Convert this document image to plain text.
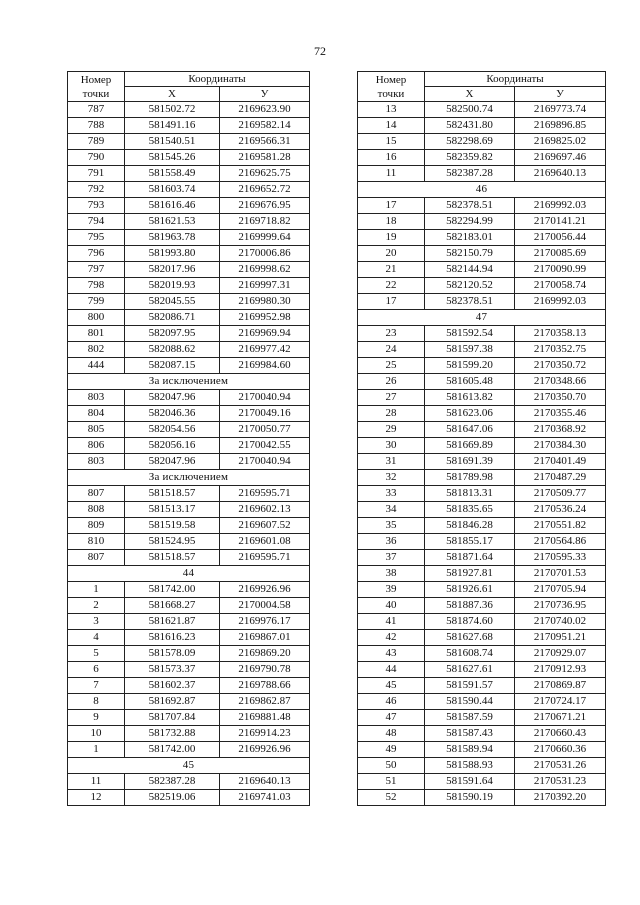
72
Номер
точки	Координаты	
	X	У
787	581502.72	2169623.90
788	581491.16	2169582.14
789	581540.51	2169566.31
790	581545.26	2169581.28
791	581558.49	2169625.75
792	581603.74	2169652.72
793	581616.46	2169676.95
794	581621.53	2169718.82
795	581963.78	2169999.64
796	581993.80	2170006.86
797	582017.96	2169998.62
798	582019.93	2169997.31
799	582045.55	2169980.30
800	582086.71	2169952.98
801	582097.95	2169969.94
802	582088.62	2169977.42
444	582087.15	2169984.60
За исключением		
803	582047.96	2170040.94
804	582046.36	2170049.16
805	582054.56	2170050.77
806	582056.16	2170042.55
803	582047.96	2170040.94
За исключением		
807	581518.57	2169595.71
808	581513.17	2169602.13
809	581519.58	2169607.52
810	581524.95	2169601.08
807	581518.57	2169595.71
44		
1	581742.00	2169926.96
2	581668.27	2170004.58
3	581621.87	2169976.17
4	581616.23	2169867.01
5	581578.09	2169869.20
6	581573.37	2169790.78
7	581602.37	2169788.66
8	581692.87	2169862.87
9	581707.84	2169881.48
10	581732.88	2169914.23
1	581742.00	2169926.96
45		
11	582387.28	2169640.13
12	582519.06	2169741.03
Номер
точки	Координаты	
	X	У
13	582500.74	2169773.74
14	582431.80	2169896.85
15	582298.69	2169825.02
16	582359.82	2169697.46
11	582387.28	2169640.13
46		
17	582378.51	2169992.03
18	582294.99	2170141.21
19	582183.01	2170056.44
20	582150.79	2170085.69
21	582144.94	2170090.99
22	582120.52	2170058.74
17	582378.51	2169992.03
47		
23	581592.54	2170358.13
24	581597.38	2170352.75
25	581599.20	2170350.72
26	581605.48	2170348.66
27	581613.82	2170350.70
28	581623.06	2170355.46
29	581647.06	2170368.92
30	581669.89	2170384.30
31	581691.39	2170401.49
32	581789.98	2170487.29
33	581813.31	2170509.77
34	581835.65	2170536.24
35	581846.28	2170551.82
36	581855.17	2170564.86
37	581871.64	2170595.33
38	581927.81	2170701.53
39	581926.61	2170705.94
40	581887.36	2170736.95
41	581874.60	2170740.02
42	581627.68	2170951.21
43	581608.74	2170929.07
44	581627.61	2170912.93
45	581591.57	2170869.87
46	581590.44	2170724.17
47	581587.59	2170671.21
48	581587.43	2170660.43
49	581589.94	2170660.36
50	581588.93	2170531.26
51	581591.64	2170531.23
52	581590.19	2170392.20
